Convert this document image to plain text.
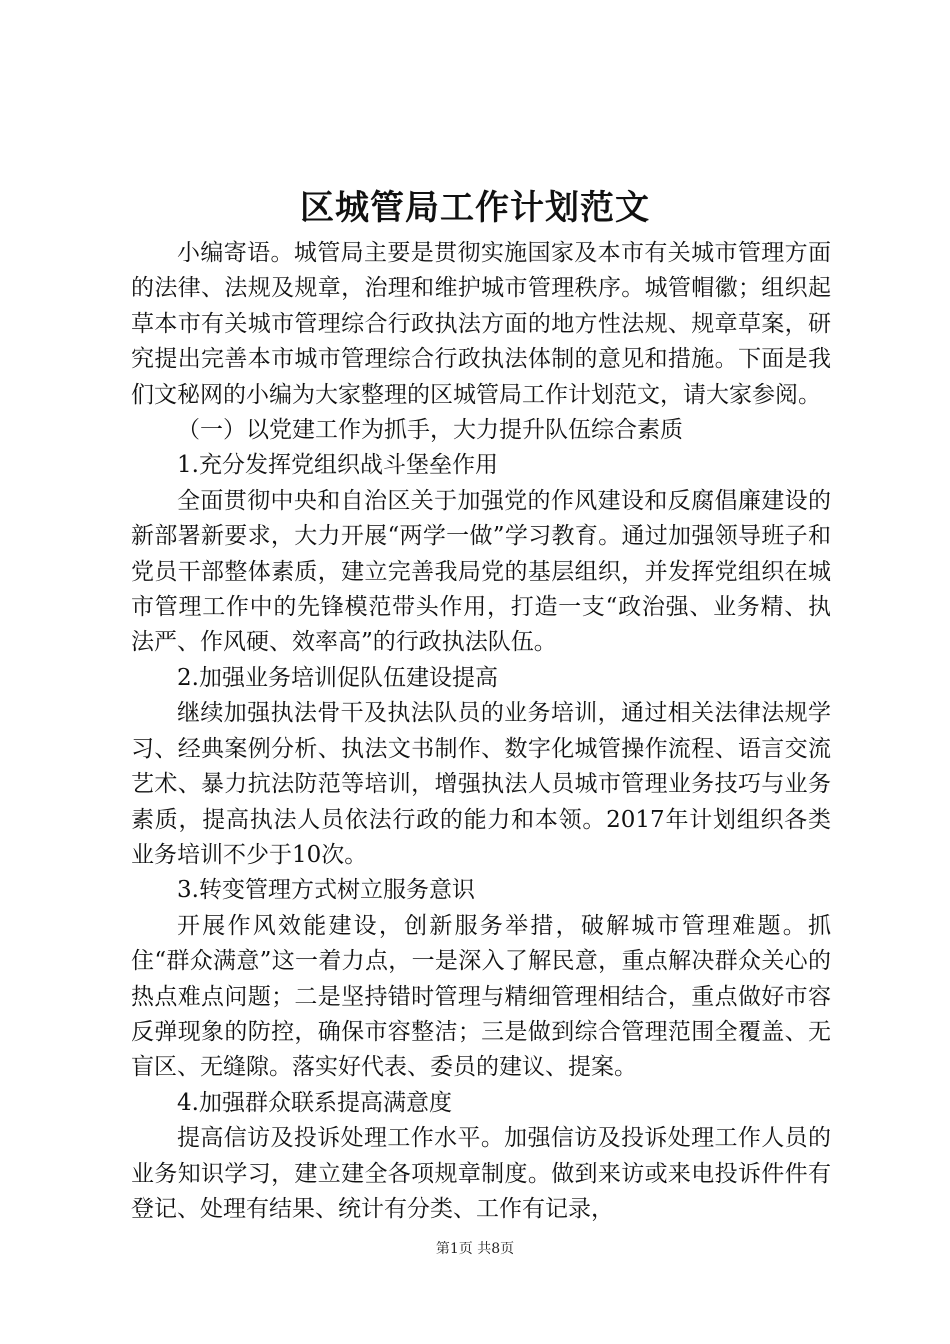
区城管局工作计划范文

小编寄语。城管局主要是贯彻实施国家及本市有关城市管理方面的法律、法规及规章，治理和维护城市管理秩序。城管帽徽；组织起草本市有关城市管理综合行政执法方面的地方性法规、规章草案，研究提出完善本市城市管理综合行政执法体制的意见和措施。下面是我们文秘网的小编为大家整理的区城管局工作计划范文，请大家参阅。

（一）以党建工作为抓手，大力提升队伍综合素质

1.充分发挥党组织战斗堡垒作用

全面贯彻中央和自治区关于加强党的作风建设和反腐倡廉建设的新部署新要求，大力开展“两学一做”学习教育。通过加强领导班子和党员干部整体素质，建立完善我局党的基层组织，并发挥党组织在城市管理工作中的先锋模范带头作用，打造一支“政治强、业务精、执法严、作风硬、效率高”的行政执法队伍。

2.加强业务培训促队伍建设提高

继续加强执法骨干及执法队员的业务培训，通过相关法律法规学习、经典案例分析、执法文书制作、数字化城管操作流程、语言交流艺术、暴力抗法防范等培训，增强执法人员城市管理业务技巧与业务素质，提高执法人员依法行政的能力和本领。2017年计划组织各类业务培训不少于10次。

3.转变管理方式树立服务意识

开展作风效能建设，创新服务举措，破解城市管理难题。抓住“群众满意”这一着力点，一是深入了解民意，重点解决群众关心的热点难点问题；二是坚持错时管理与精细管理相结合，重点做好市容反弹现象的防控，确保市容整洁；三是做到综合管理范围全覆盖、无盲区、无缝隙。落实好代表、委员的建议、提案。

4.加强群众联系提高满意度

提高信访及投诉处理工作水平。加强信访及投诉处理工作人员的业务知识学习，建立建全各项规章制度。做到来访或来电投诉件件有登记、处理有结果、统计有分类、工作有记录，

第1页 共8页
